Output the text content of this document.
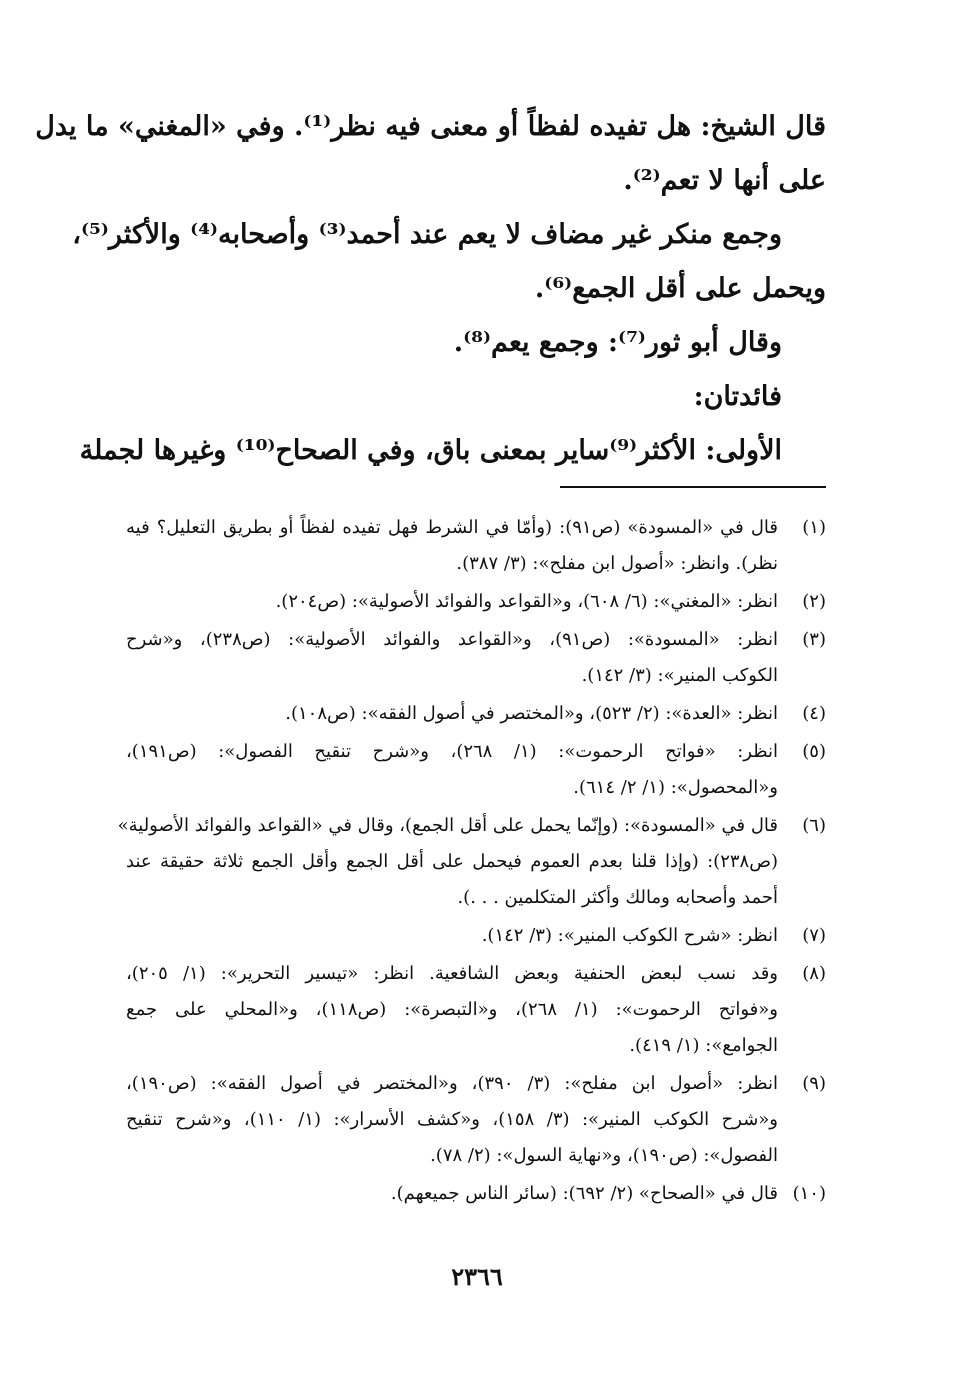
قال الشيخ: هل تفيده لفظاً أو معنى فيه نظر⁽¹⁾. وفي «المغني» ما يدل
على أنها لا تعم⁽²⁾.
وجمع منكر غير مضاف لا يعم عند أحمد⁽³⁾ وأصحابه⁽⁴⁾ والأكثر⁽⁵⁾،
ويحمل على أقل الجمع⁽⁶⁾.
وقال أبو ثور⁽⁷⁾: وجمع يعم⁽⁸⁾.
فائدتان:
الأولى: الأكثر⁽⁹⁾ساير بمعنى باق، وفي الصحاح⁽¹⁰⁾ وغيرها لجملة
(١)
قال في «المسودة» (ص٩١): (وأمّا في الشرط فهل تفيده لفظاً أو بطريق التعليل؟ فيه
نظر). وانظر: «أصول ابن مفلح»: (٣/ ٣٨٧).
(٢)
انظر: «المغني»: (٦/ ٦٠٨)، و«القواعد والفوائد الأصولية»: (ص٢٠٤).
(٣)
انظر: «المسودة»: (ص٩١)، و«القواعد والفوائد الأصولية»: (ص٢٣٨)، و«شرح
الكوكب المنير»: (٣/ ١٤٢).
(٤)
انظر: «العدة»: (٢/ ٥٢٣)، و«المختصر في أصول الفقه»: (ص١٠٨).
(٥)
انظر: «فواتح الرحموت»: (١/ ٢٦٨)، و«شرح تنقيح الفصول»: (ص١٩١)،
و«المحصول»: (١/ ٢/ ٦١٤).
(٦)
قال في «المسودة»: (وإنّما يحمل على أقل الجمع)، وقال في «القواعد والفوائد الأصولية»
(ص٢٣٨): (وإذا قلنا بعدم العموم فيحمل على أقل الجمع وأقل الجمع ثلاثة حقيقة عند
أحمد وأصحابه ومالك وأكثر المتكلمين . . .).
(٧)
انظر: «شرح الكوكب المنير»: (٣/ ١٤٢).
(٨)
وقد نسب لبعض الحنفية وبعض الشافعية. انظر: «تيسير التحرير»: (١/ ٢٠٥)،
و«فواتح الرحموت»: (١/ ٢٦٨)، و«التبصرة»: (ص١١٨)، و«المحلي على جمع
الجوامع»: (١/ ٤١٩).
(٩)
انظر: «أصول ابن مفلح»: (٣/ ٣٩٠)، و«المختصر في أصول الفقه»: (ص١٩٠)،
و«شرح الكوكب المنير»: (٣/ ١٥٨)، و«كشف الأسرار»: (١/ ١١٠)، و«شرح تنقيح
الفصول»: (ص١٩٠)، و«نهاية السول»: (٢/ ٧٨).
(١٠)
قال في «الصحاح» (٢/ ٦٩٢): (سائر الناس جميعهم).
٢٣٦٦
